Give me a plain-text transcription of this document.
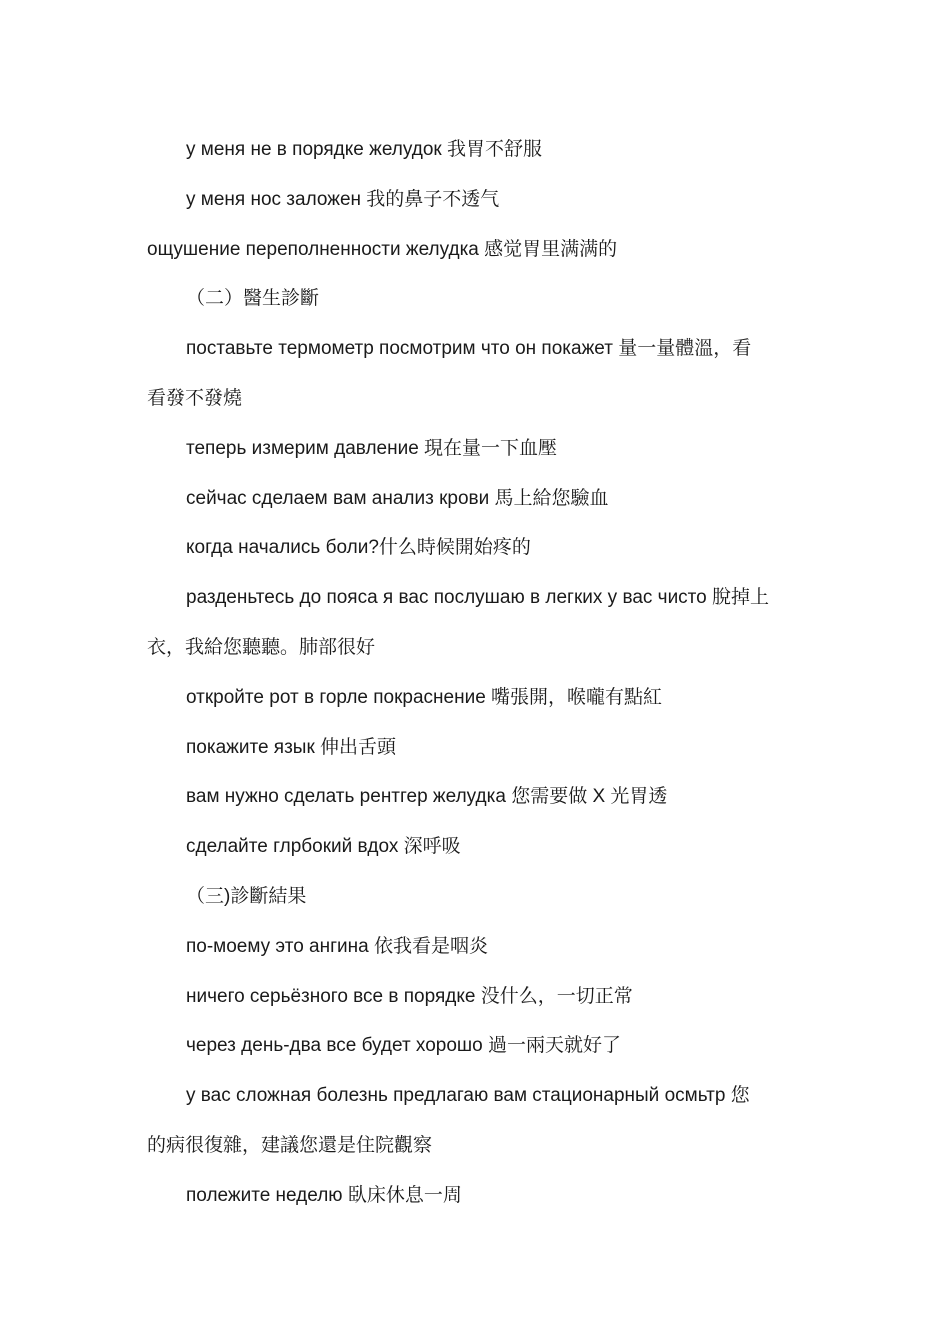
у меня не в порядке желудок 我胃不舒服
у меня нос заложен 我的鼻子不透气
ощушение переполненности желудка 感觉胃里满满的
（二）醫生診斷
поставьте термометр посмотрим что он покажет 量一量體溫，看
看發不發燒
теперь измерим давление 現在量一下血壓
сейчас сделаем вам анализ крови 馬上給您驗血
когда начались боли?什么時候開始疼的
разденьтесь до пояса я вас послушаю в легких у вас чисто 脫掉上
衣，我給您聽聽。肺部很好
откройте рот в горле покраснение 嘴張開，喉嚨有點紅
покажите язык 伸出舌頭
вам нужно сделать рентгер желудка 您需要做 X 光胃透
сделайте глрбокий вдох 深呼吸
（三)診斷結果
по-моему это ангина 依我看是咽炎
ничего серьёзного все в порядке 没什么，一切正常
через день-два все будет хорошо 過一兩天就好了
у вас сложная болезнь предлагаю вам стационарный осмьтр 您
的病很復雜，建議您還是住院觀察
полежите неделю 臥床休息一周
